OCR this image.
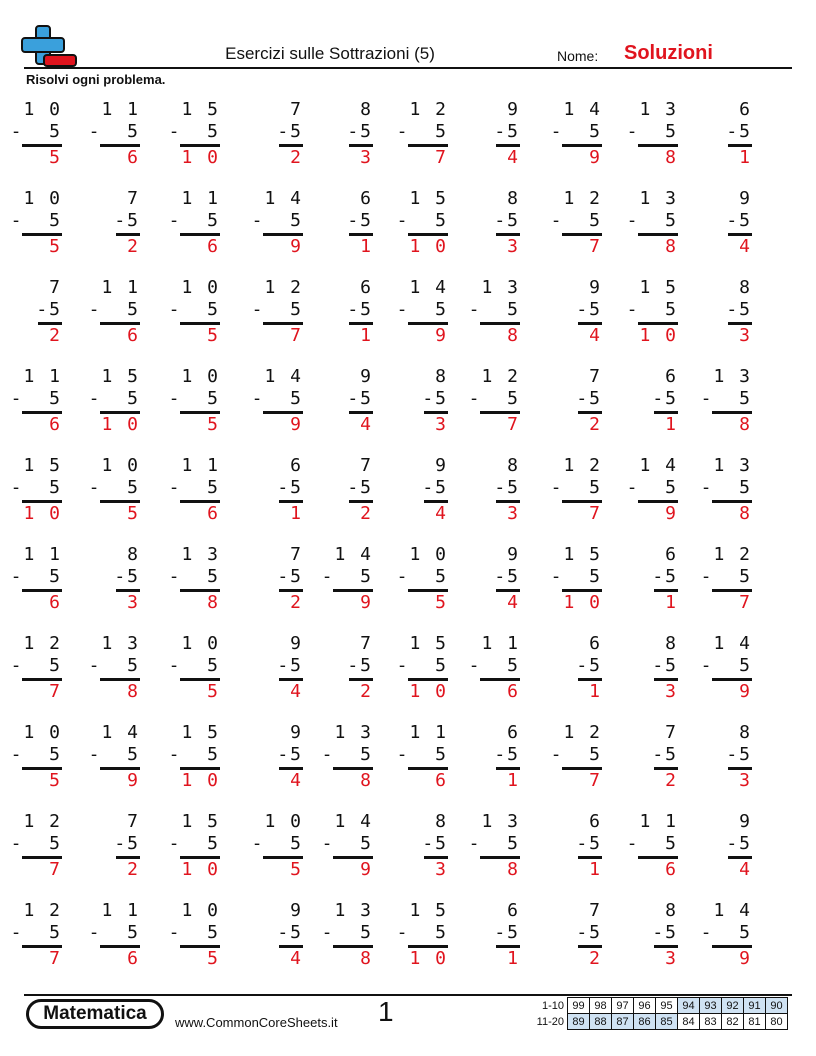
Esercizi sulle Sottrazioni (5)	Nome: Soluzioni
Risolvi ogni problema.
1 0
-  5
5
1 1
-  5
6
1 5
-  5
1 0
7
-5
2
8
-5
3
1 2
-  5
7
9
-5
4
1 4
-  5
9
1 3
-  5
8
6
-5
1
1 0
-  5
5
7
-5
2
1 1
-  5
6
1 4
-  5
9
6
-5
1
1 5
-  5
1 0
8
-5
3
1 2
-  5
7
1 3
-  5
8
9
-5
4
7
-5
2
1 1
-  5
6
1 0
-  5
5
1 2
-  5
7
6
-5
1
1 4
-  5
9
1 3
-  5
8
9
-5
4
1 5
-  5
1 0
8
-5
3
1 1
-  5
6
1 5
-  5
1 0
1 0
-  5
5
1 4
-  5
9
9
-5
4
8
-5
3
1 2
-  5
7
7
-5
2
6
-5
1
1 3
-  5
8
1 5
-  5
1 0
1 0
-  5
5
1 1
-  5
6
6
-5
1
7
-5
2
9
-5
4
8
-5
3
1 2
-  5
7
1 4
-  5
9
1 3
-  5
8
1 1
-  5
6
8
-5
3
1 3
-  5
8
7
-5
2
1 4
-  5
9
1 0
-  5
5
9
-5
4
1 5
-  5
1 0
6
-5
1
1 2
-  5
7
1 2
-  5
7
1 3
-  5
8
1 0
-  5
5
9
-5
4
7
-5
2
1 5
-  5
1 0
1 1
-  5
6
6
-5
1
8
-5
3
1 4
-  5
9
1 0
-  5
5
1 4
-  5
9
1 5
-  5
1 0
9
-5
4
1 3
-  5
8
1 1
-  5
6
6
-5
1
1 2
-  5
7
7
-5
2
8
-5
3
1 2
-  5
7
7
-5
2
1 5
-  5
1 0
1 0
-  5
5
1 4
-  5
9
8
-5
3
1 3
-  5
8
6
-5
1
1 1
-  5
6
9
-5
4
1 2
-  5
7
1 1
-  5
6
1 0
-  5
5
9
-5
4
1 3
-  5
8
1 5
-  5
1 0
6
-5
1
7
-5
2
8
-5
3
1 4
-  5
9
Matematica	www.CommonCoreSheets.it 1	1-10	99	98	97	96	95	94	93	92	91	90
11-20	89	88	87	86	85	84	83	82	81	80
